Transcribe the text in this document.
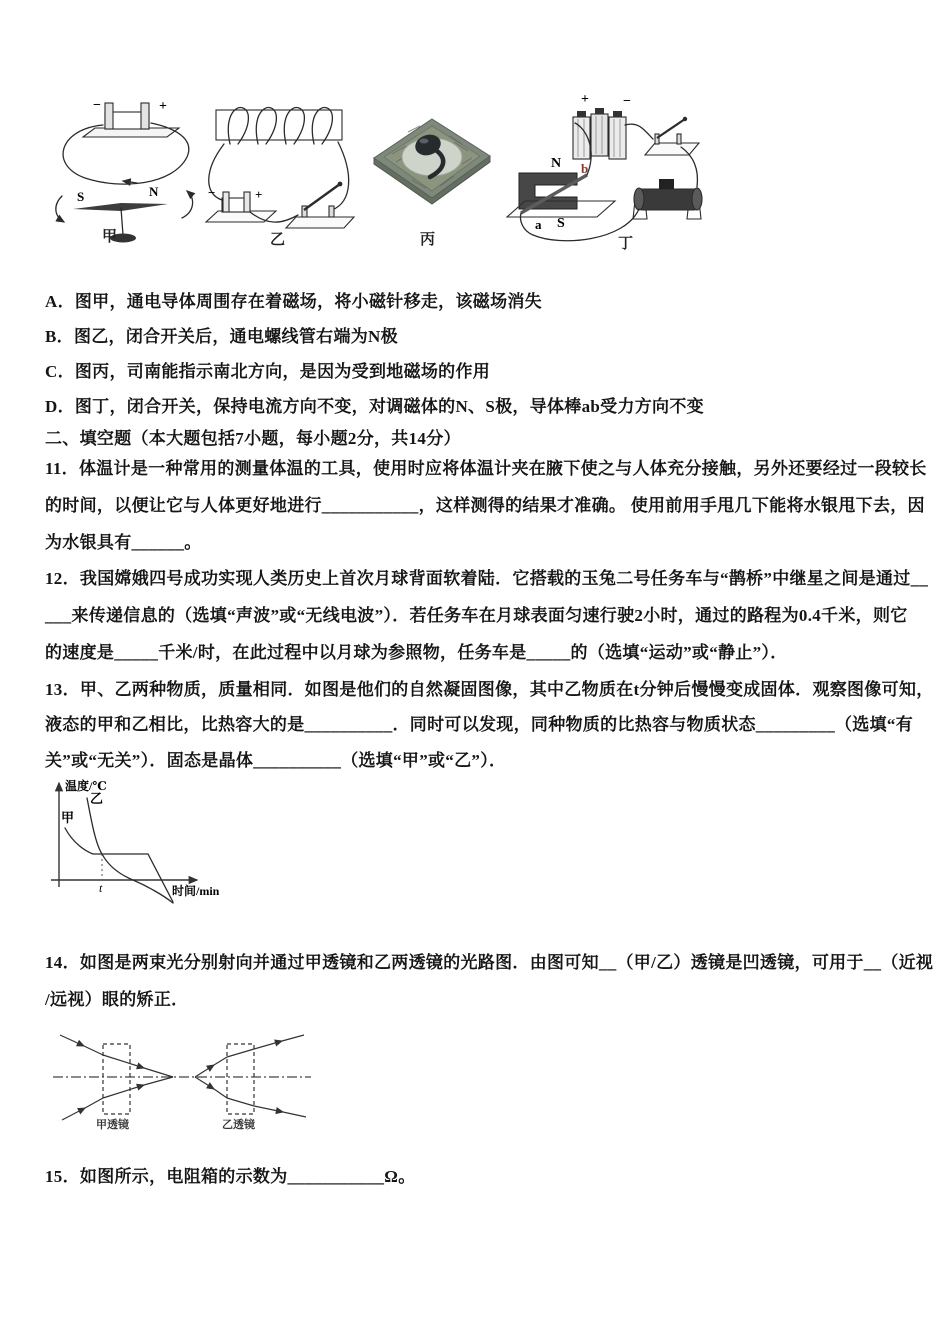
−	+
S	N
甲
−	+
乙	丙
+ −
N b
a S
丁
A．图甲，通电导体周围存在着磁场，将小磁针移走，该磁场消失
B．图乙，闭合开关后，通电螺线管右端为N极
C．图丙，司南能指示南北方向，是因为受到地磁场的作用
D．图丁，闭合开关，保持电流方向不变，对调磁体的N、S极，导体棒ab受力方向不变
二、填空题（本大题包括7小题，每小题2分，共14分）
11．体温计是一种常用的测量体温的工具，使用时应将体温计夹在腋下使之与人体充分接触，另外还要经过一段较长
的时间，以便让它与人体更好地进行___________，这样测得的结果才准确。 使用前用手甩几下能将水银甩下去，因
为水银具有______。
12．我国嫦娥四号成功实现人类历史上首次月球背面软着陆．它搭载的玉兔二号任务车与“鹊桥”中继星之间是通过__
___来传递信息的（选填“声波”或“无线电波”）．若任务车在月球表面匀速行驶2小时，通过的路程为0.4千米，则它
的速度是_____千米/时，在此过程中以月球为参照物，任务车是_____的（选填“运动”或“静止”）．
13．甲、乙两种物质，质量相同．如图是他们的自然凝固图像，其中乙物质在t分钟后慢慢变成固体．观察图像可知，
液态的甲和乙相比，比热容大的是__________．同时可以发现，同种物质的比热容与物质状态_________（选填“有
关”或“无关”）．固态是晶体__________（选填“甲”或“乙”）．
温度/℃
时间/min
乙
甲
t
14．如图是两束光分别射向并通过甲透镜和乙两透镜的光路图．由图可知__（甲/乙）透镜是凹透镜，可用于__（近视
/远视）眼的矫正．
甲透镜	乙透镜
15．如图所示，电阻箱的示数为___________Ω。
